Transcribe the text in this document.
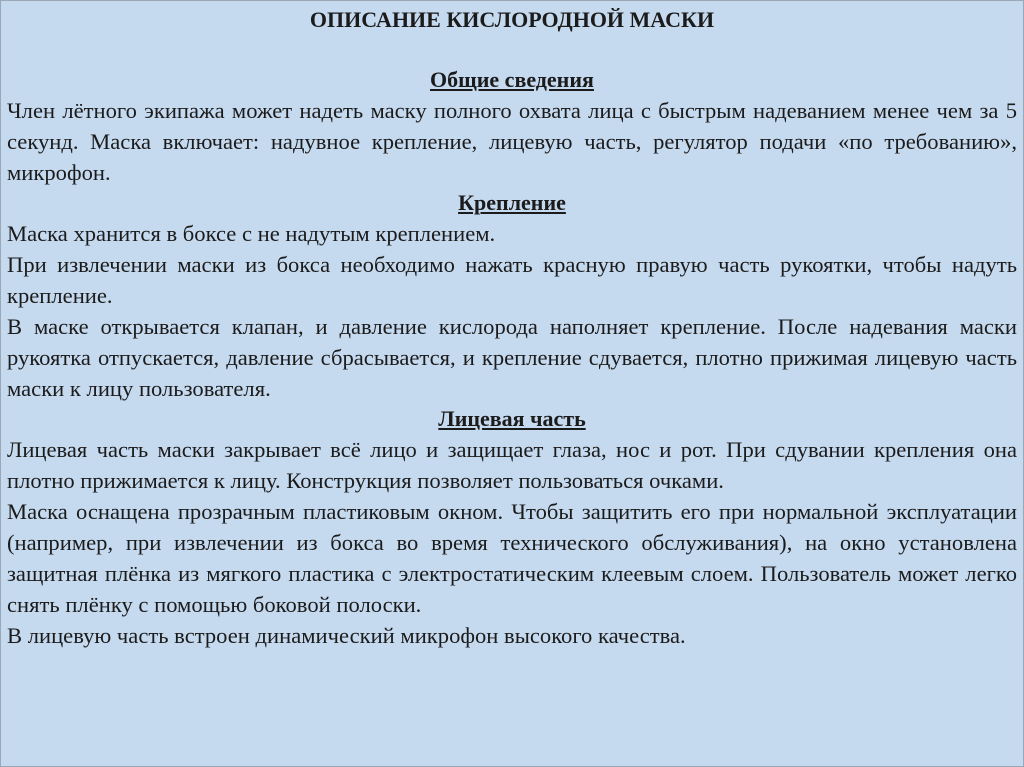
ОПИСАНИЕ КИСЛОРОДНОЙ МАСКИ
Общие сведения

Член лётного экипажа может надеть маску полного охвата лица с быстрым надеванием менее чем за 5 секунд. Маска включает: надувное крепление, лицевую часть, регулятор подачи «по требованию», микрофон.

Крепление

Маска хранится в боксе с не надутым креплением.

При извлечении маски из бокса необходимо нажать красную правую часть рукоятки, чтобы надуть крепление.

В маске открывается клапан, и давление кислорода наполняет крепление. После надевания маски рукоятка отпускается, давление сбрасывается, и крепление сдувается, плотно прижимая лицевую часть маски к лицу пользователя.

Лицевая часть

Лицевая часть маски закрывает всё лицо и защищает глаза, нос и рот. При сдувании крепления она плотно прижимается к лицу. Конструкция позволяет пользоваться очками.

Маска оснащена прозрачным пластиковым окном. Чтобы защитить его при нормальной эксплуатации (например, при извлечении из бокса во время технического обслуживания), на окно установлена защитная плёнка из мягкого пластика с электростатическим клеевым слоем. Пользователь может легко снять плёнку с помощью боковой полоски.

В лицевую часть встроен динамический микрофон высокого качества.
